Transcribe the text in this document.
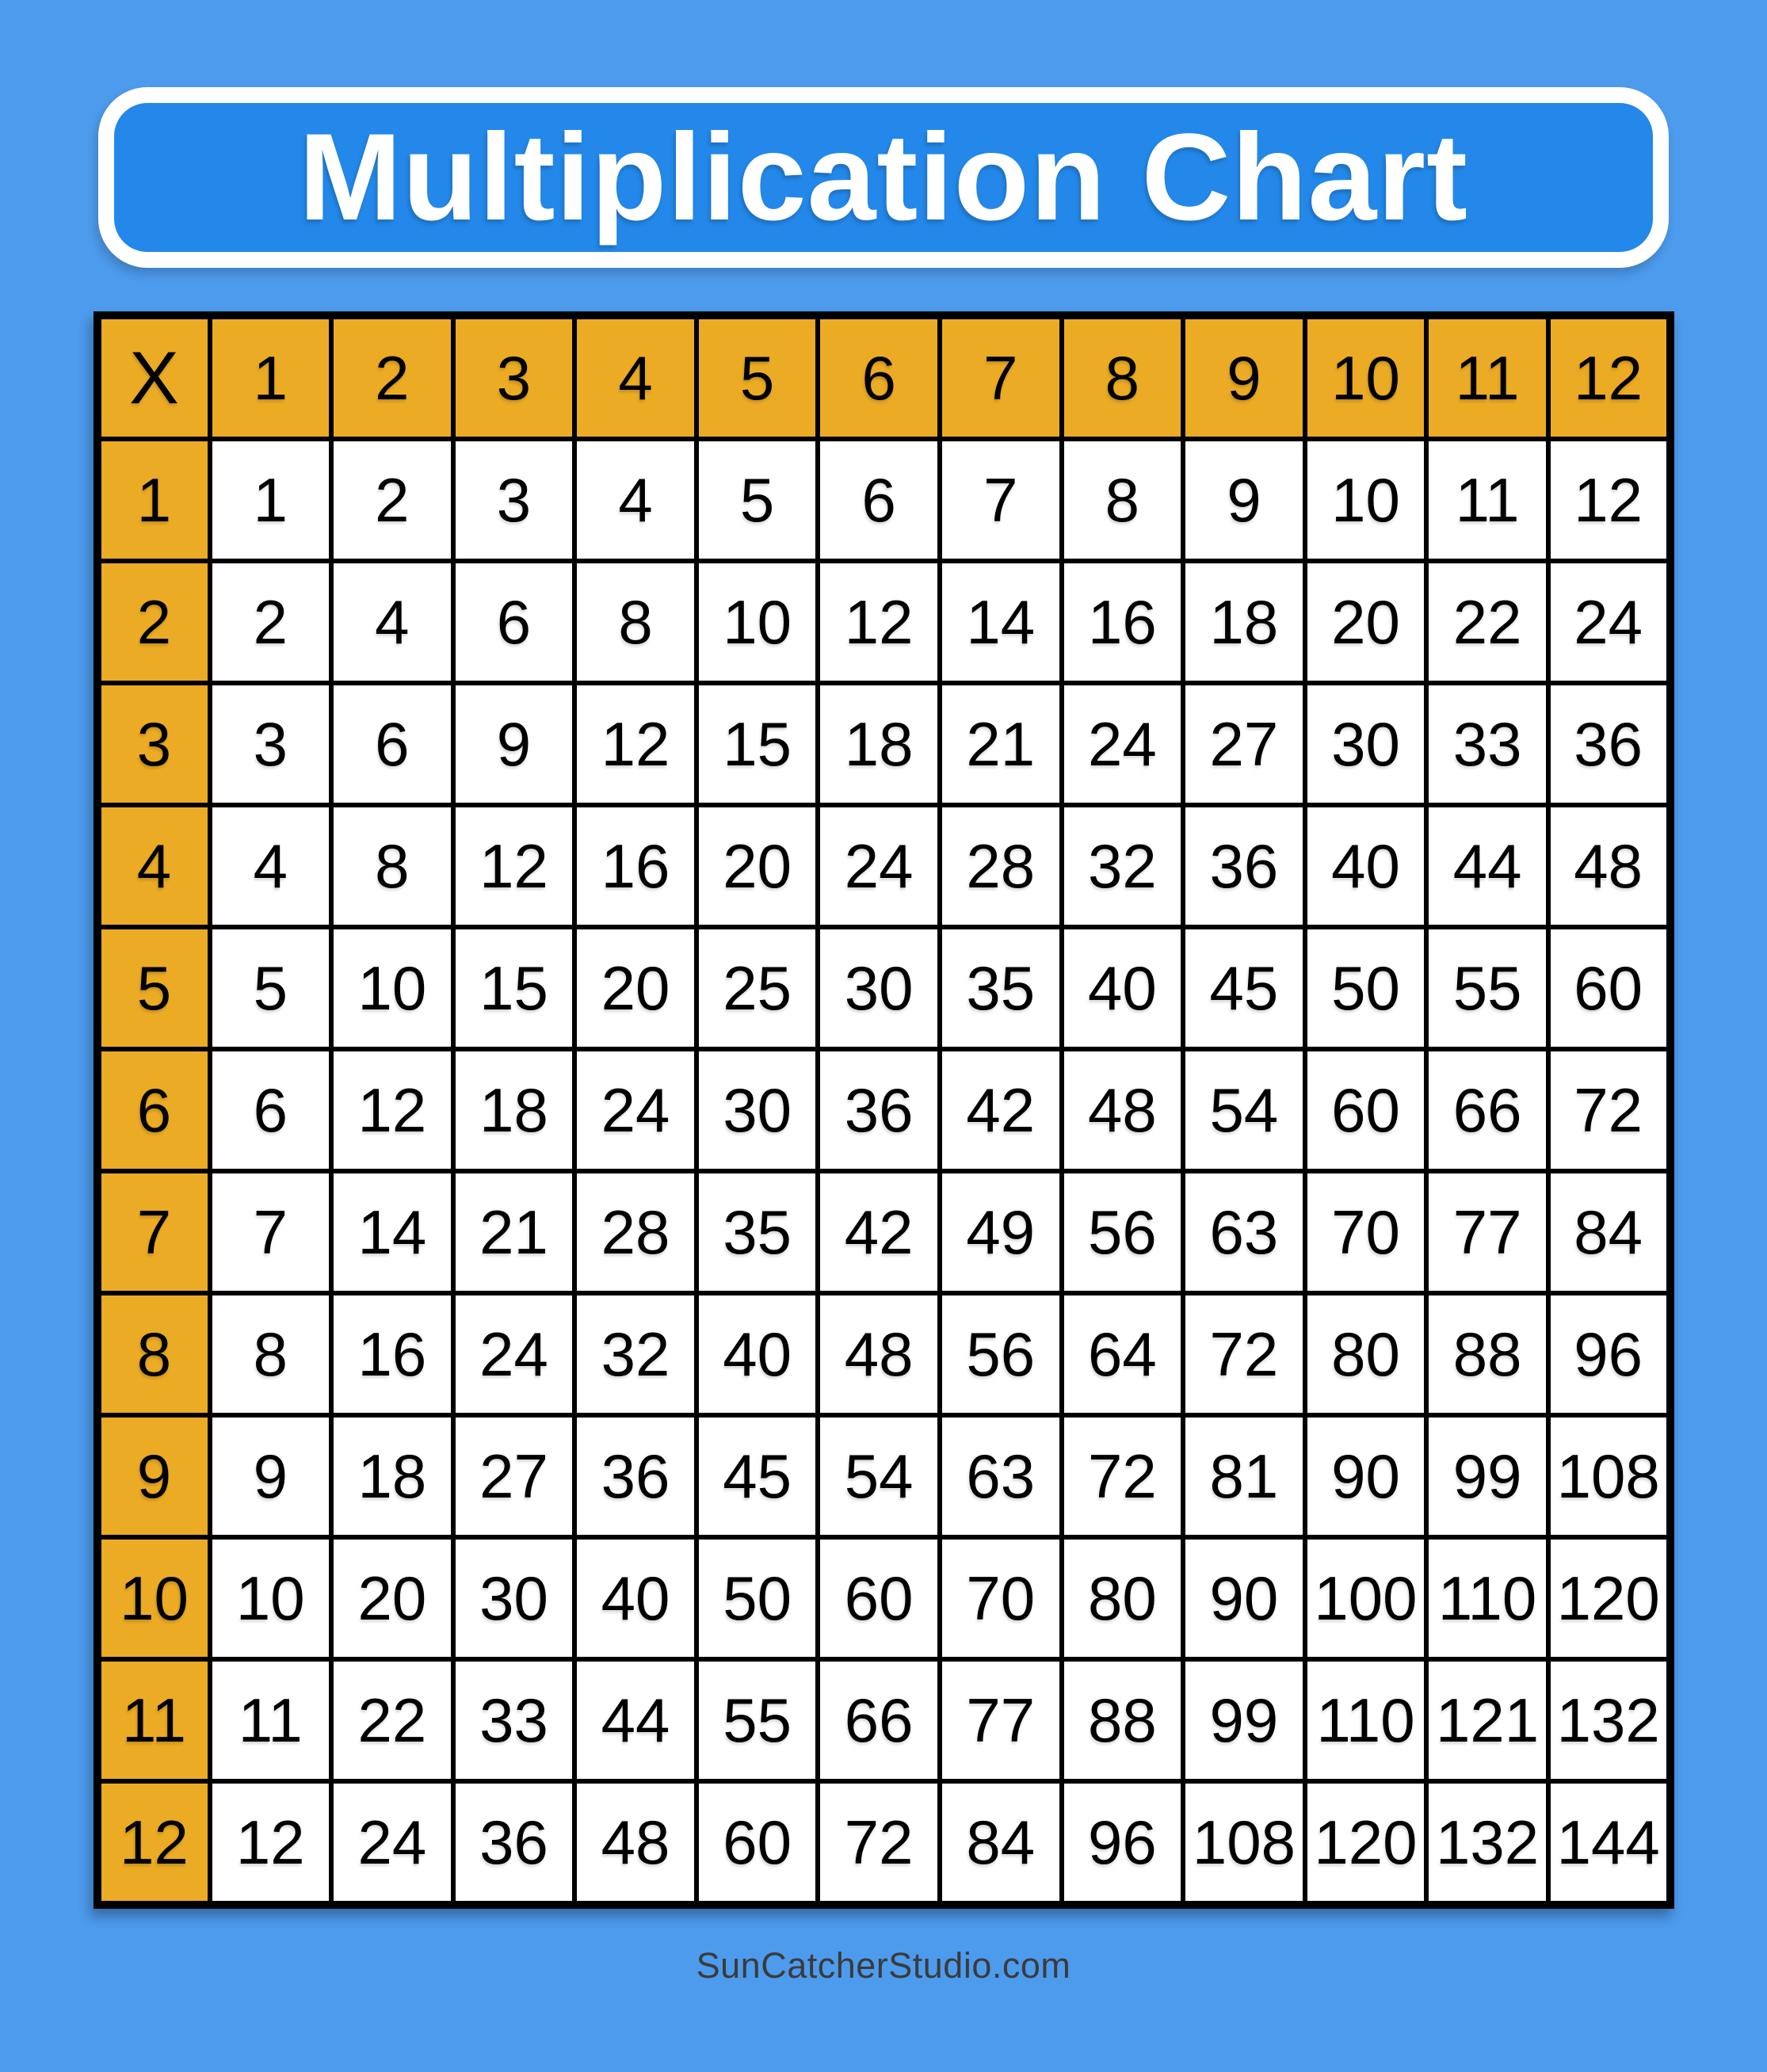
Multiplication Chart
X	1	2	3	4	5	6	7	8	9	10	11	12
1	1	2	3	4	5	6	7	8	9	10	11	12
2	2	4	6	8	10	12	14	16	18	20	22	24
3	3	6	9	12	15	18	21	24	27	30	33	36
4	4	8	12	16	20	24	28	32	36	40	44	48
5	5	10	15	20	25	30	35	40	45	50	55	60
6	6	12	18	24	30	36	42	48	54	60	66	72
7	7	14	21	28	35	42	49	56	63	70	77	84
8	8	16	24	32	40	48	56	64	72	80	88	96
9	9	18	27	36	45	54	63	72	81	90	99	108
10	10	20	30	40	50	60	70	80	90	100	110	120
11	11	22	33	44	55	66	77	88	99	110	121	132
12	12	24	36	48	60	72	84	96	108	120	132	144
SunCatcherStudio.com
